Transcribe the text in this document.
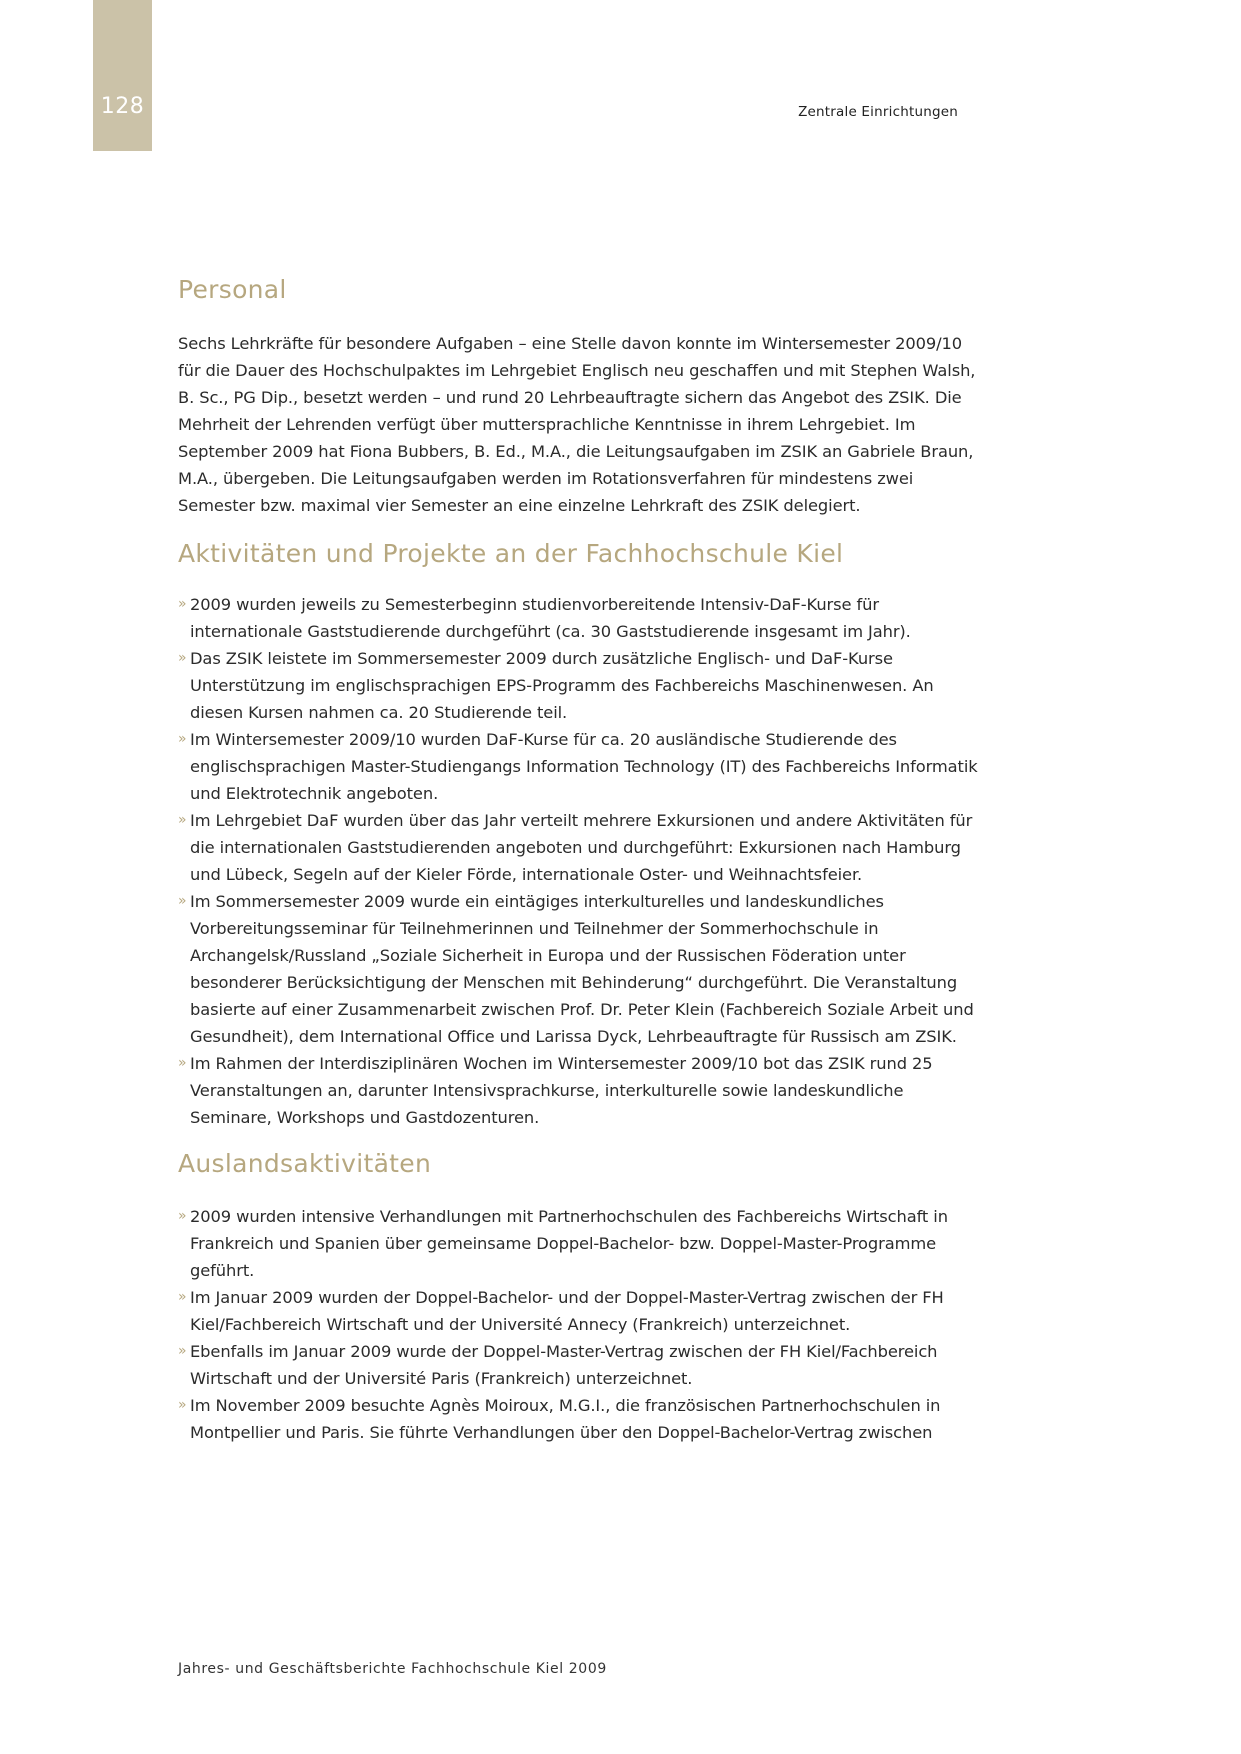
128	Zentrale Einrichtungen
Personal

Sechs Lehrkräfte für besondere Aufgaben – eine Stelle davon konnte im Wintersemester 2009/10 für die Dauer des Hochschulpaktes im Lehrgebiet Englisch neu geschaffen und mit Stephen Walsh, B. Sc., PG Dip., besetzt werden – und rund 20 Lehrbeauftragte sichern das Angebot des ZSIK. Die Mehrheit der Lehrenden verfügt über muttersprachliche Kenntnisse in ihrem Lehrgebiet. Im September 2009 hat Fiona Bubbers, B. Ed., M.A., die Leitungsaufgaben im ZSIK an Gabriele Braun, M.A., übergeben. Die Leitungsaufgaben werden im Rotationsverfahren für mindestens zwei Semester bzw. maximal vier Semester an eine einzelne Lehrkraft des ZSIK delegiert.

Aktivitäten und Projekte an der Fachhochschule Kiel
» 2009 wurden jeweils zu Semesterbeginn studienvorbereitende Intensiv-DaF-Kurse für internationale Gaststudierende durchgeführt (ca. 30 Gaststudierende insgesamt im Jahr).
» Das ZSIK leistete im Sommersemester 2009 durch zusätzliche Englisch- und DaF-Kurse Unterstützung im englischsprachigen EPS-Programm des Fachbereichs Maschinenwesen. An diesen Kursen nahmen ca. 20 Studierende teil.
» Im Wintersemester 2009/10 wurden DaF-Kurse für ca. 20 ausländische Studierende des englischsprachigen Master-Studiengangs Information Technology (IT) des Fachbereichs Informatik und Elektrotechnik angeboten.
» Im Lehrgebiet DaF wurden über das Jahr verteilt mehrere Exkursionen und andere Aktivitäten für die internationalen Gaststudierenden angeboten und durchgeführt: Exkursionen nach Hamburg und Lübeck, Segeln auf der Kieler Förde, internationale Oster- und Weihnachtsfeier.
» Im Sommersemester 2009 wurde ein eintägiges interkulturelles und landeskundliches Vorbereitungsseminar für Teilnehmerinnen und Teilnehmer der Sommerhochschule in Archangelsk/Russland „Soziale Sicherheit in Europa und der Russischen Föderation unter besonderer Berücksichtigung der Menschen mit Behinderung“ durchgeführt. Die Veranstaltung basierte auf einer Zusammenarbeit zwischen Prof. Dr. Peter Klein (Fachbereich Soziale Arbeit und Gesundheit), dem International Office und Larissa Dyck, Lehrbeauftragte für Russisch am ZSIK.
» Im Rahmen der Interdisziplinären Wochen im Wintersemester 2009/10 bot das ZSIK rund 25 Veranstaltungen an, darunter Intensivsprachkurse, interkulturelle sowie landeskundliche Seminare, Workshops und Gastdozenturen.
Auslandsaktivitäten
» 2009 wurden intensive Verhandlungen mit Partnerhochschulen des Fachbereichs Wirtschaft in Frankreich und Spanien über gemeinsame Doppel-Bachelor- bzw. Doppel-Master-Programme geführt.
» Im Januar 2009 wurden der Doppel-Bachelor- und der Doppel-Master-Vertrag zwischen der FH Kiel/Fachbereich Wirtschaft und der Université Annecy (Frankreich) unterzeichnet.
» Ebenfalls im Januar 2009 wurde der Doppel-Master-Vertrag zwischen der FH Kiel/Fachbereich Wirtschaft und der Université Paris (Frankreich) unterzeichnet.
» Im November 2009 besuchte Agnès Moiroux, M.G.I., die französischen Partnerhochschulen in Montpellier und Paris. Sie führte Verhandlungen über den Doppel-Bachelor-Vertrag zwischen
Jahres- und Geschäftsberichte Fachhochschule Kiel 2009
